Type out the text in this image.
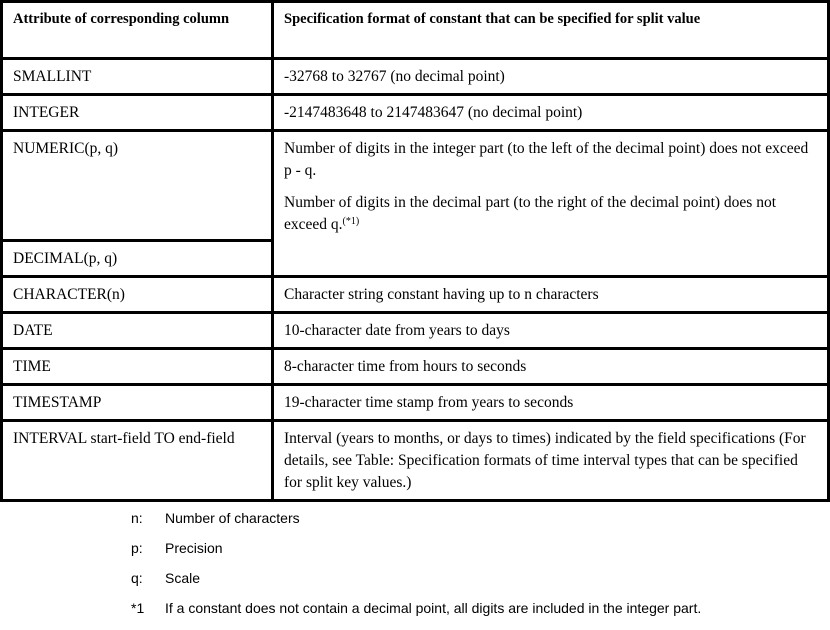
Attribute of corresponding column	Specification format of constant that can be specified for split value
SMALLINT	-32768 to 32767 (no decimal point)
INTEGER	-2147483648 to 2147483647 (no decimal point)
NUMERIC(p, q)	Number of digits in the integer part (to the left of the decimal point) does not exceed p - q.

Number of digits in the decimal part (to the right of the decimal point) does not exceed q.$^{(*1)}$

DECIMAL(p, q)	
CHARACTER(n)	Character string constant having up to n characters
DATE	10-character date from years to days
TIME	8-character time from hours to seconds
TIMESTAMP	19-character time stamp from years to seconds
INTERVAL start-field TO end-field	Interval (years to months, or days to times) indicated by the field specifications (For details, see Table: Specification formats of time interval types that can be specified for split key values.)
n:	Number of characters
p:	Precision
q:	Scale
*1	If a constant does not contain a decimal point, all digits are included in the integer part.
